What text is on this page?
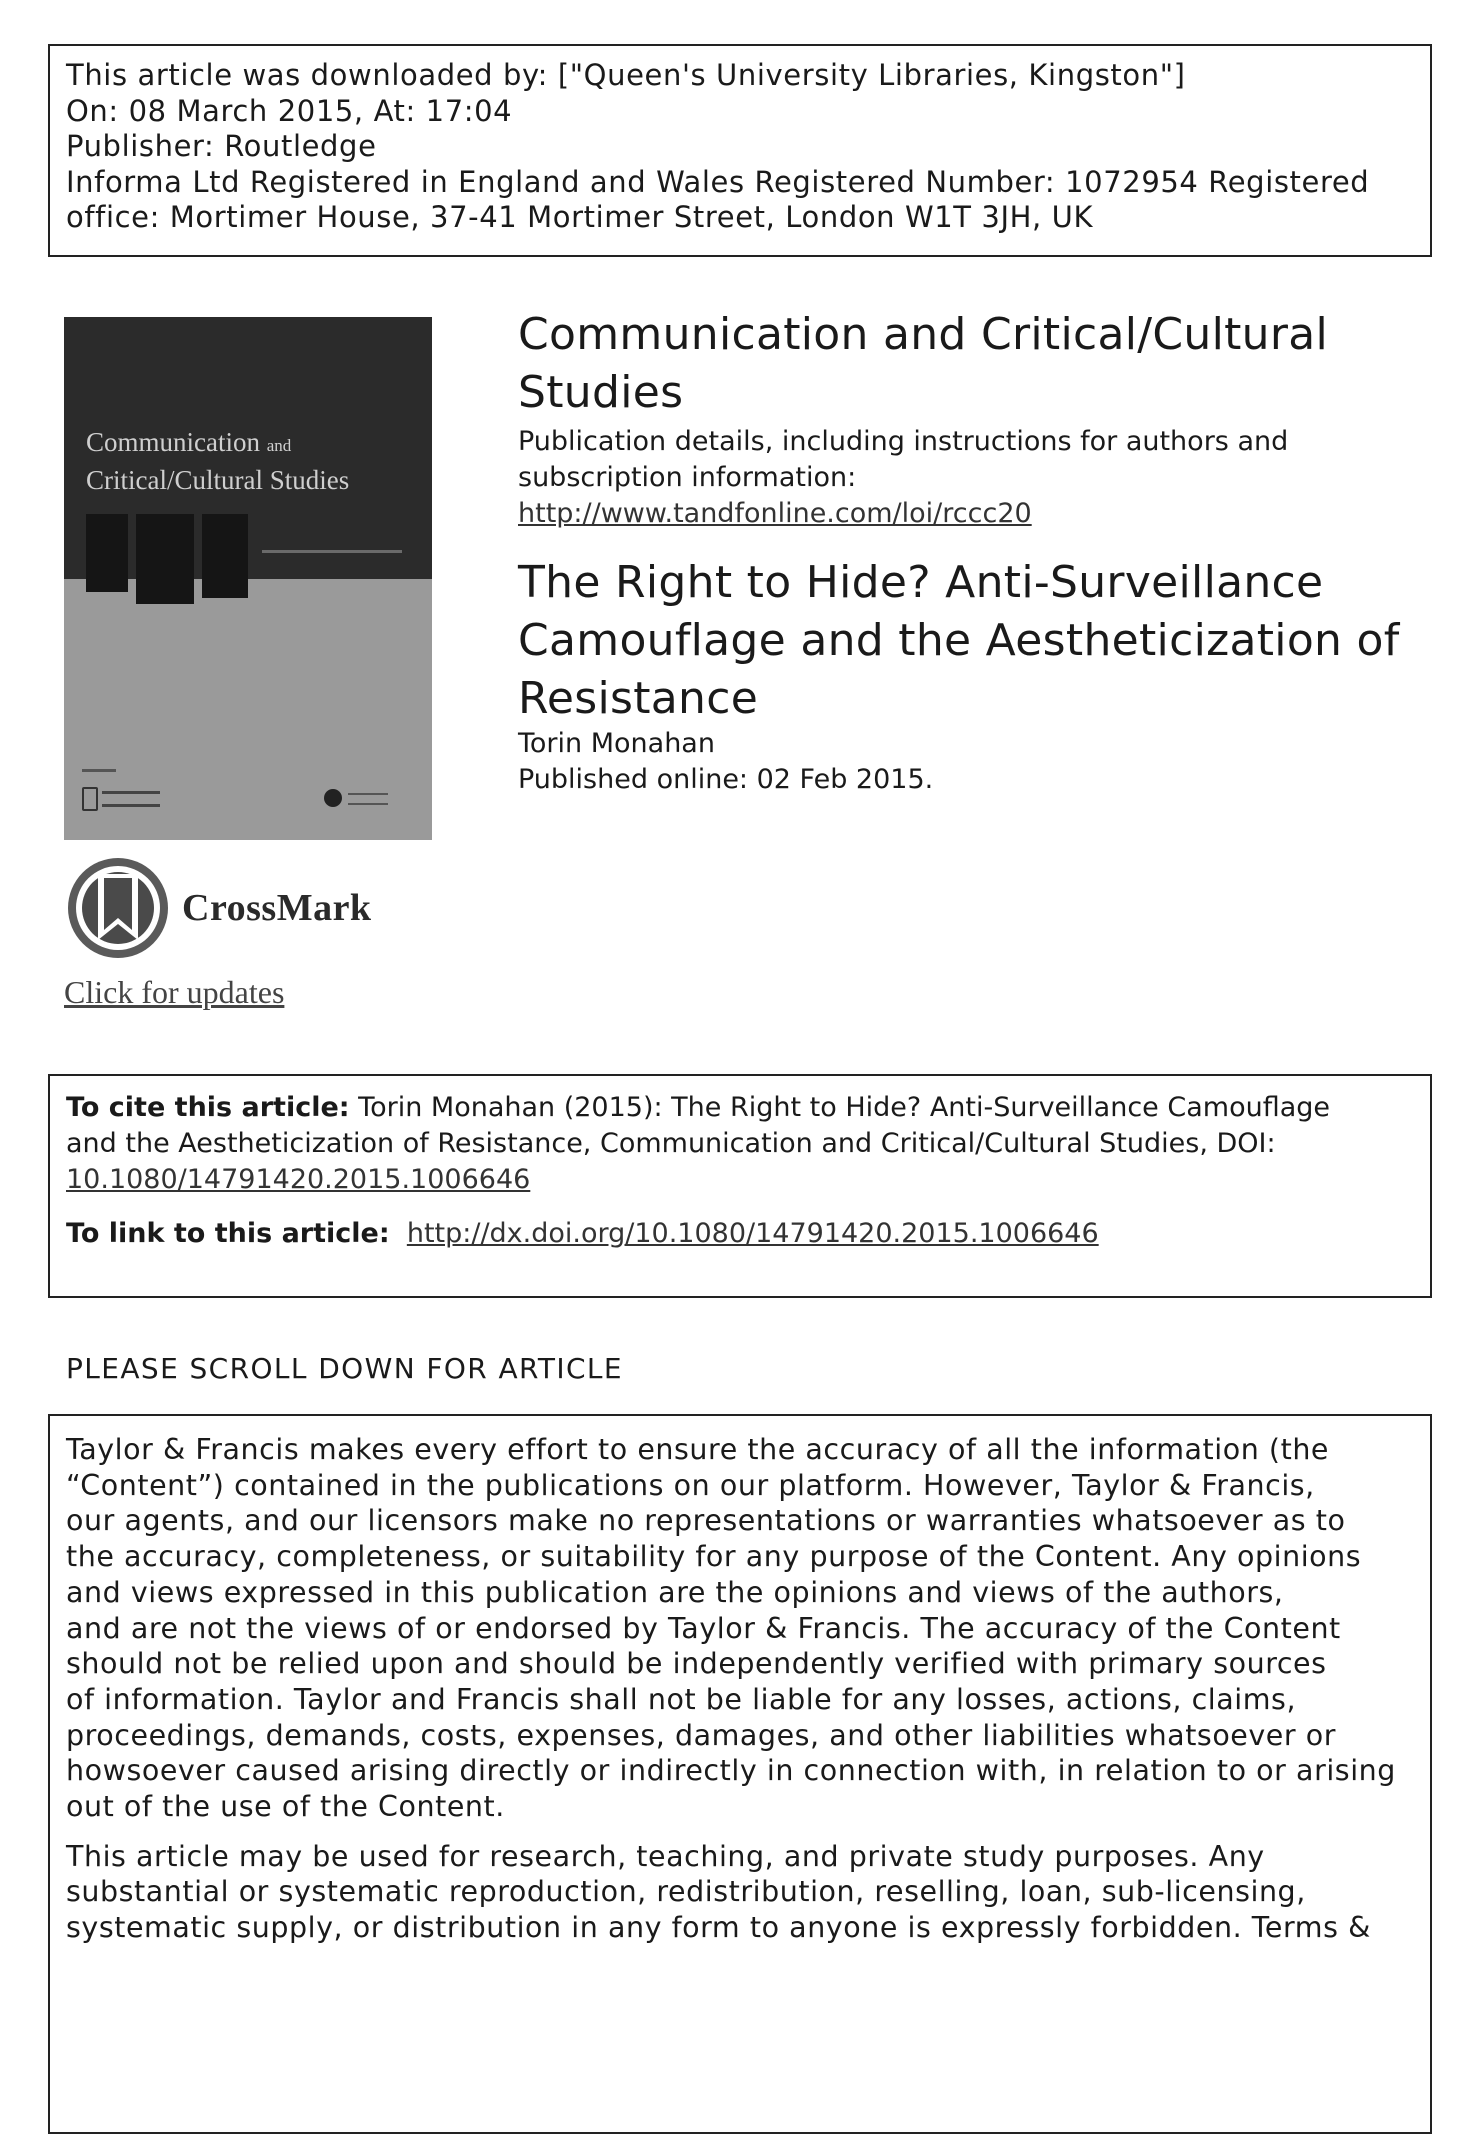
This article was downloaded by: ["Queen's University Libraries, Kingston"]

On: 08 March 2015, At: 17:04

Publisher: Routledge

Informa Ltd Registered in England and Wales Registered Number: 1072954 Registered

office: Mortimer House, 37-41 Mortimer Street, London W1T 3JH, UK

Communication and
Critical/Cultural Studies
Communication and Critical/Cultural
Studies

Publication details, including instructions for authors and
subscription information:
http://www.tandfonline.com/loi/rccc20

The Right to Hide? Anti-Surveillance
Camouflage and the Aestheticization of
Resistance

Torin Monahan
Published online: 02 Feb 2015.

CrossMark
Click for updates

To cite this article: Torin Monahan (2015): The Right to Hide? Anti-Surveillance Camouflage

and the Aestheticization of Resistance, Communication and Critical/Cultural Studies, DOI:

10.1080/14791420.2015.1006646

To link to this article: http://dx.doi.org/10.1080/14791420.2015.1006646

PLEASE SCROLL DOWN FOR ARTICLE

Taylor & Francis makes every effort to ensure the accuracy of all the information (the

“Content”) contained in the publications on our platform. However, Taylor & Francis,

our agents, and our licensors make no representations or warranties whatsoever as to

the accuracy, completeness, or suitability for any purpose of the Content. Any opinions

and views expressed in this publication are the opinions and views of the authors,

and are not the views of or endorsed by Taylor & Francis. The accuracy of the Content

should not be relied upon and should be independently verified with primary sources

of information. Taylor and Francis shall not be liable for any losses, actions, claims,

proceedings, demands, costs, expenses, damages, and other liabilities whatsoever or

howsoever caused arising directly or indirectly in connection with, in relation to or arising

out of the use of the Content.

This article may be used for research, teaching, and private study purposes. Any

substantial or systematic reproduction, redistribution, reselling, loan, sub-licensing,

systematic supply, or distribution in any form to anyone is expressly forbidden. Terms &
